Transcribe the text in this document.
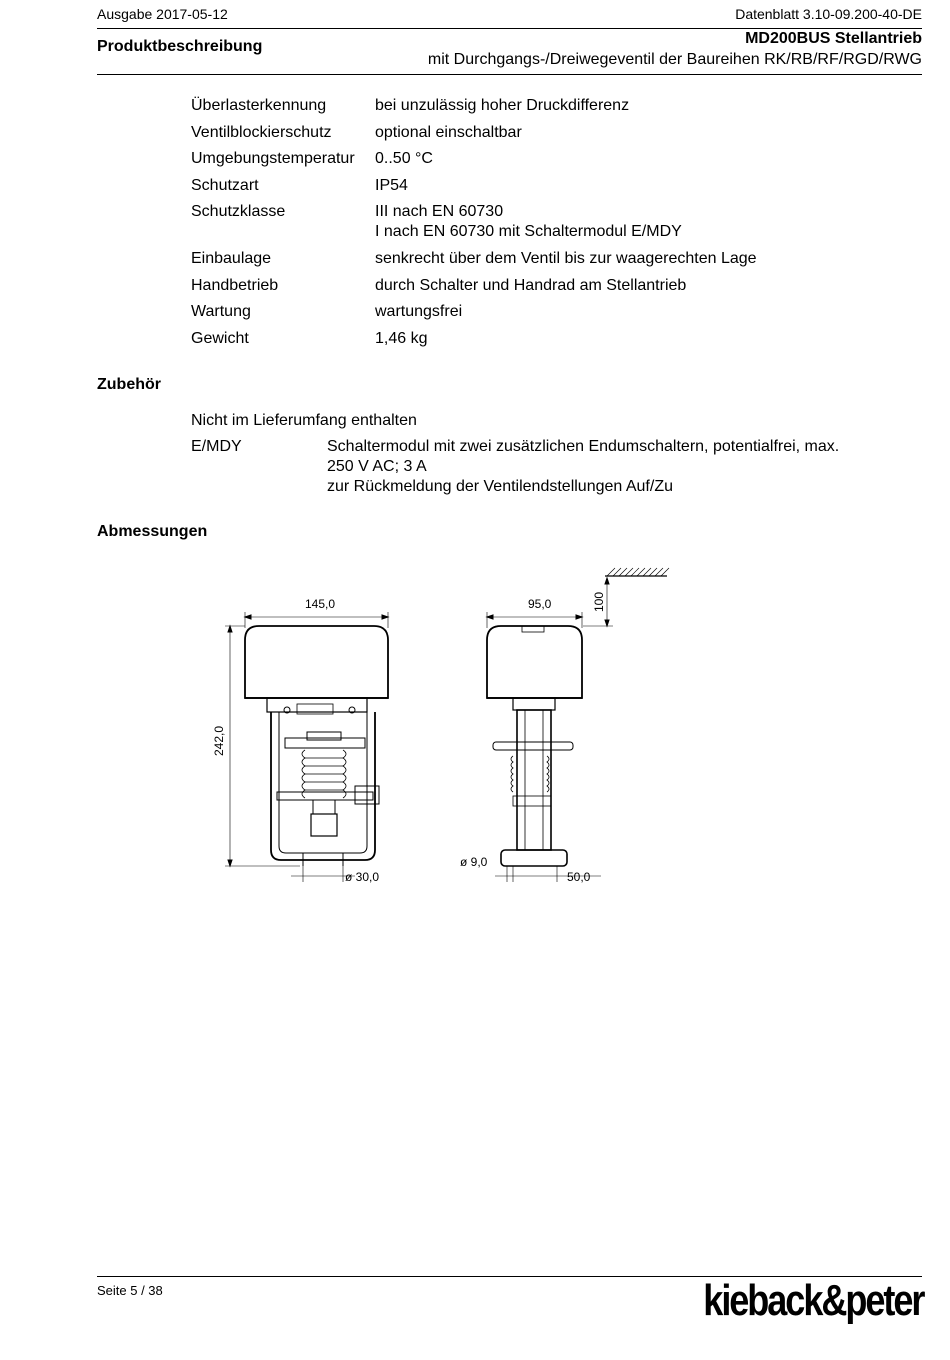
Ausgabe 2017-05-12	Datenblatt 3.10-09.200-40-DE
Produktbeschreibung	MD200BUS Stellantrieb
mit Durchgangs-/Dreiwegeventil der Baureihen RK/RB/RF/RGD/RWG
Überlasterkennung	bei unzulässig hoher Druckdifferenz
Ventilblockierschutz	optional einschaltbar
Umgebungstemperatur	0..50 °C
Schutzart	IP54
Schutzklasse	III nach EN 60730
I nach EN 60730 mit Schaltermodul E/MDY
Einbaulage	senkrecht über dem Ventil bis zur waagerechten Lage
Handbetrieb	durch Schalter und Handrad am Stellantrieb
Wartung	wartungsfrei
Gewicht	1,46 kg
Zubehör
Nicht im Lieferumfang enthalten
E/MDY	Schaltermodul mit zwei zusätzlichen Endumschaltern, potentialfrei, max. 250 V AC; 3 A
zur Rückmeldung der Ventilendstellungen Auf/Zu
Abmessungen
145,0
242,0
ø 30,0
95,0	100
ø 9,0
50,0
Seite 5 / 38	kieback&peter
